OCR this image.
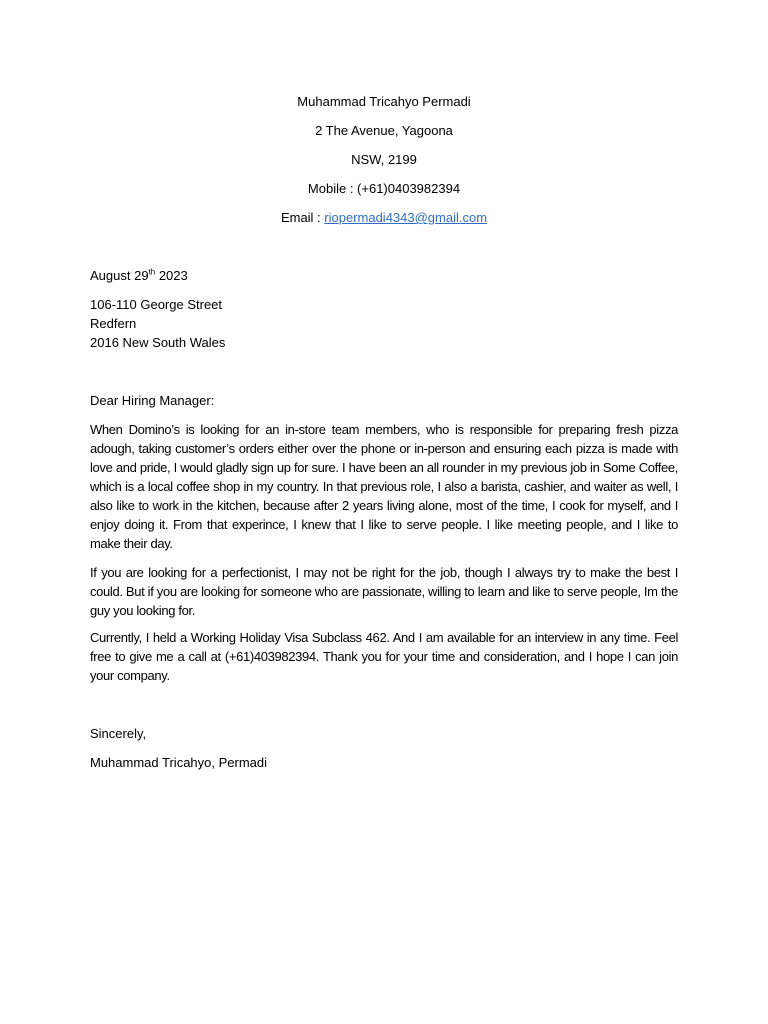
Muhammad Tricahyo Permadi
2 The Avenue, Yagoona
NSW, 2199
Mobile : (+61)0403982394
Email : riopermadi4343@gmail.com
August 29th 2023
106-110 George Street
Redfern
2016 New South Wales
Dear Hiring Manager:
When Domino’s is looking for an in-store team members, who is responsible for preparing fresh pizza adough, taking customer’s orders either over the phone or in-person and ensuring each pizza is made with love and pride, I would gladly sign up for sure. I have been an all rounder in my previous job in Some Coffee, which is a local coffee shop in my country. In that previous role, I also a barista, cashier, and waiter as well, I also like to work in the kitchen, because after 2 years living alone, most of the time, I cook for myself, and I enjoy doing it. From that experince, I knew that I like to serve people. I like meeting people, and I like to make their day.
If you are looking for a perfectionist, I may not be right for the job, though I always try to make the best I could. But if you are looking for someone who are passionate, willing to learn and like to serve people, Im the guy you looking for.
Currently, I held a Working Holiday Visa Subclass 462. And I am available for an interview in any time. Feel free to give me a call at (+61)403982394. Thank you for your time and consideration, and I hope I can join your company.
Sincerely,
Muhammad Tricahyo, Permadi
